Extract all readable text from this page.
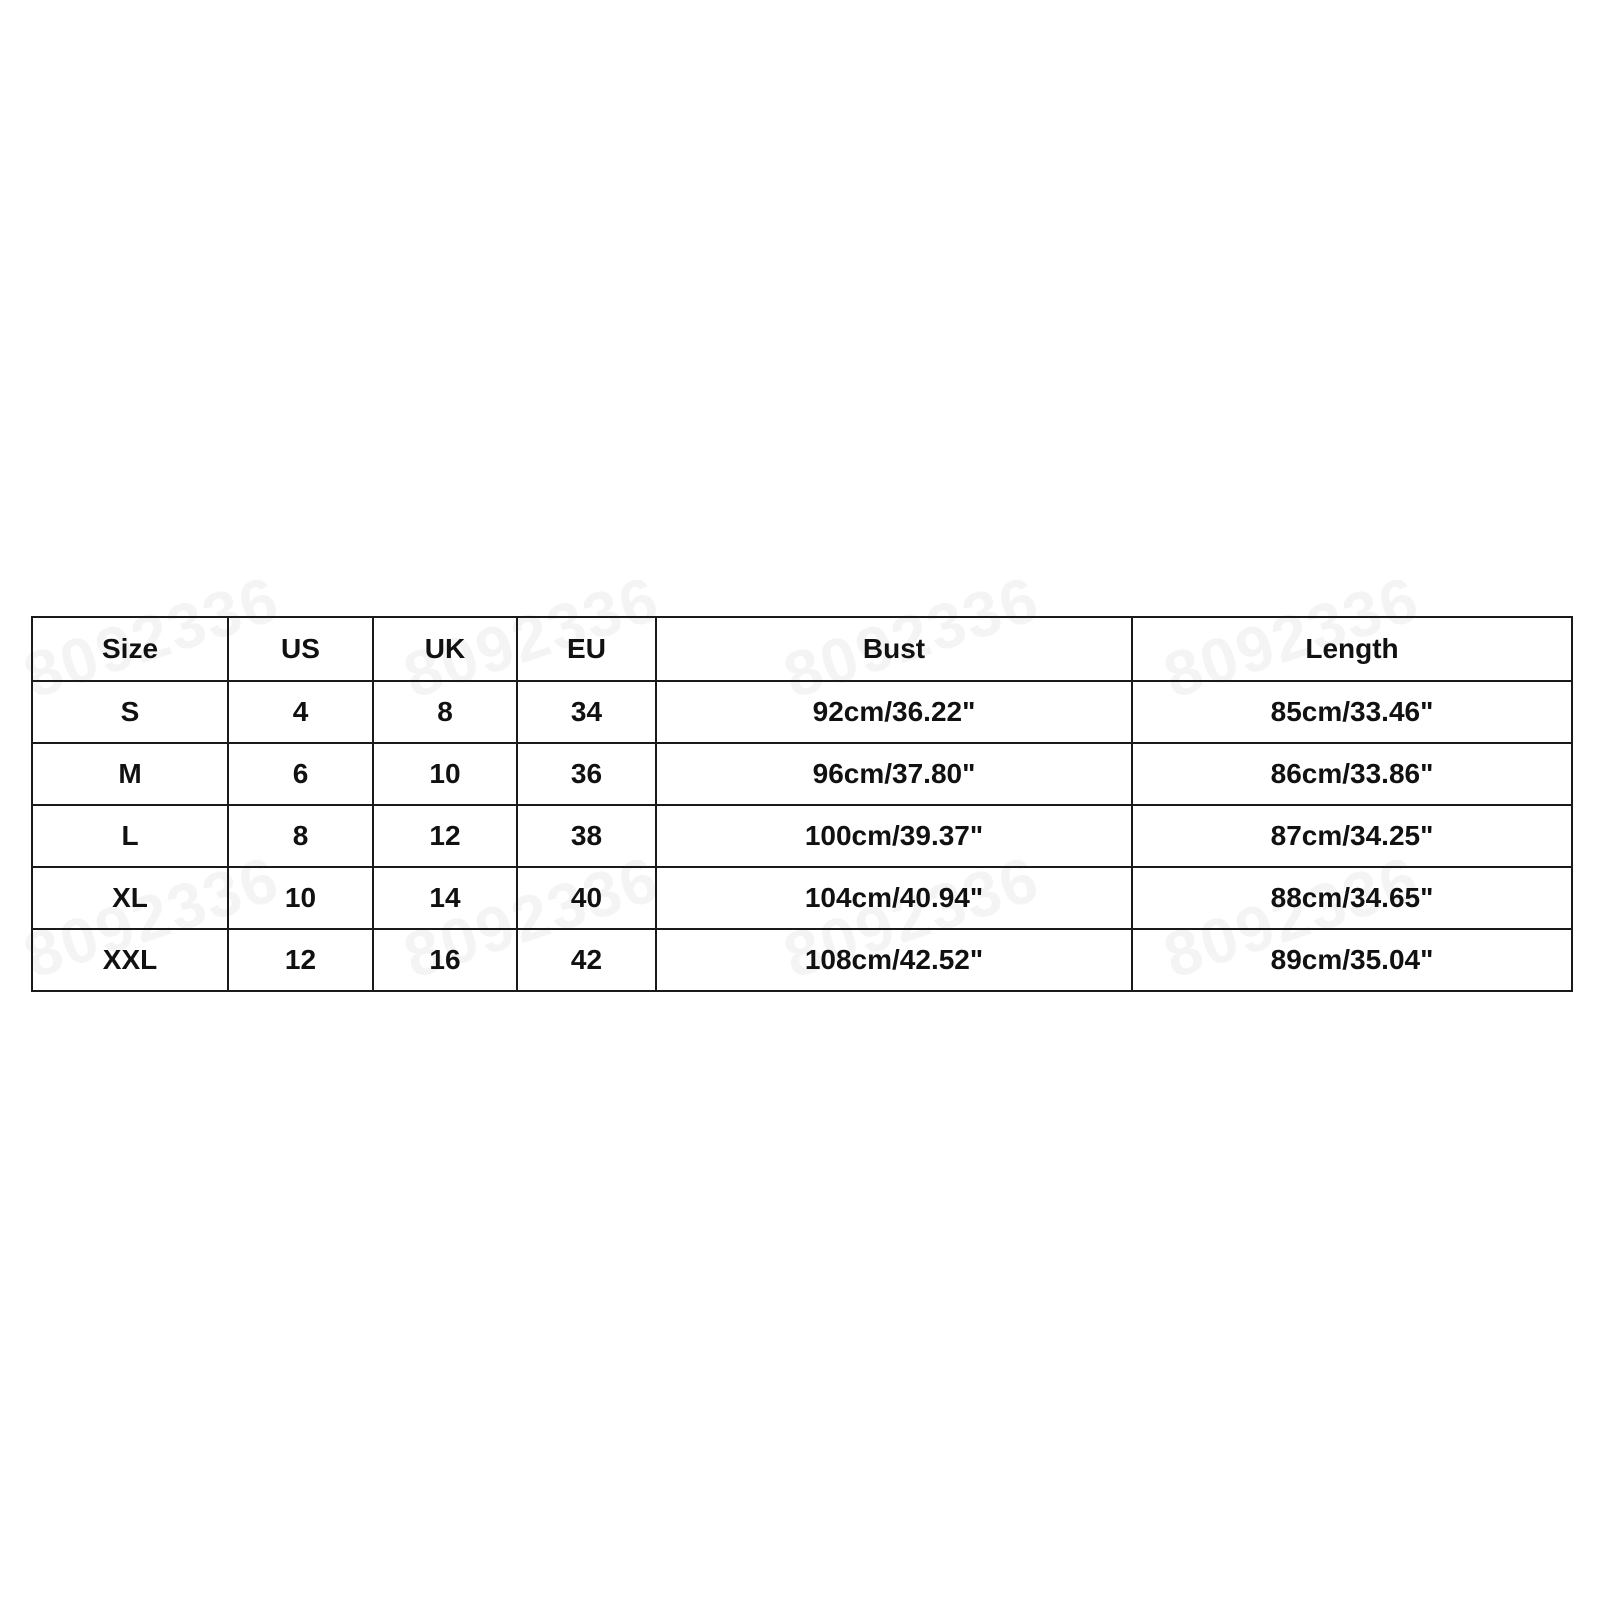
Size	US	UK	EU	Bust	Length
S	4	8	34	92cm/36.22"	85cm/33.46"
M	6	10	36	96cm/37.80"	86cm/33.86"
L	8	12	38	100cm/39.37"	87cm/34.25"
XL	10	14	40	104cm/40.94"	88cm/34.65"
XXL	12	16	42	108cm/42.52"	89cm/35.04"
